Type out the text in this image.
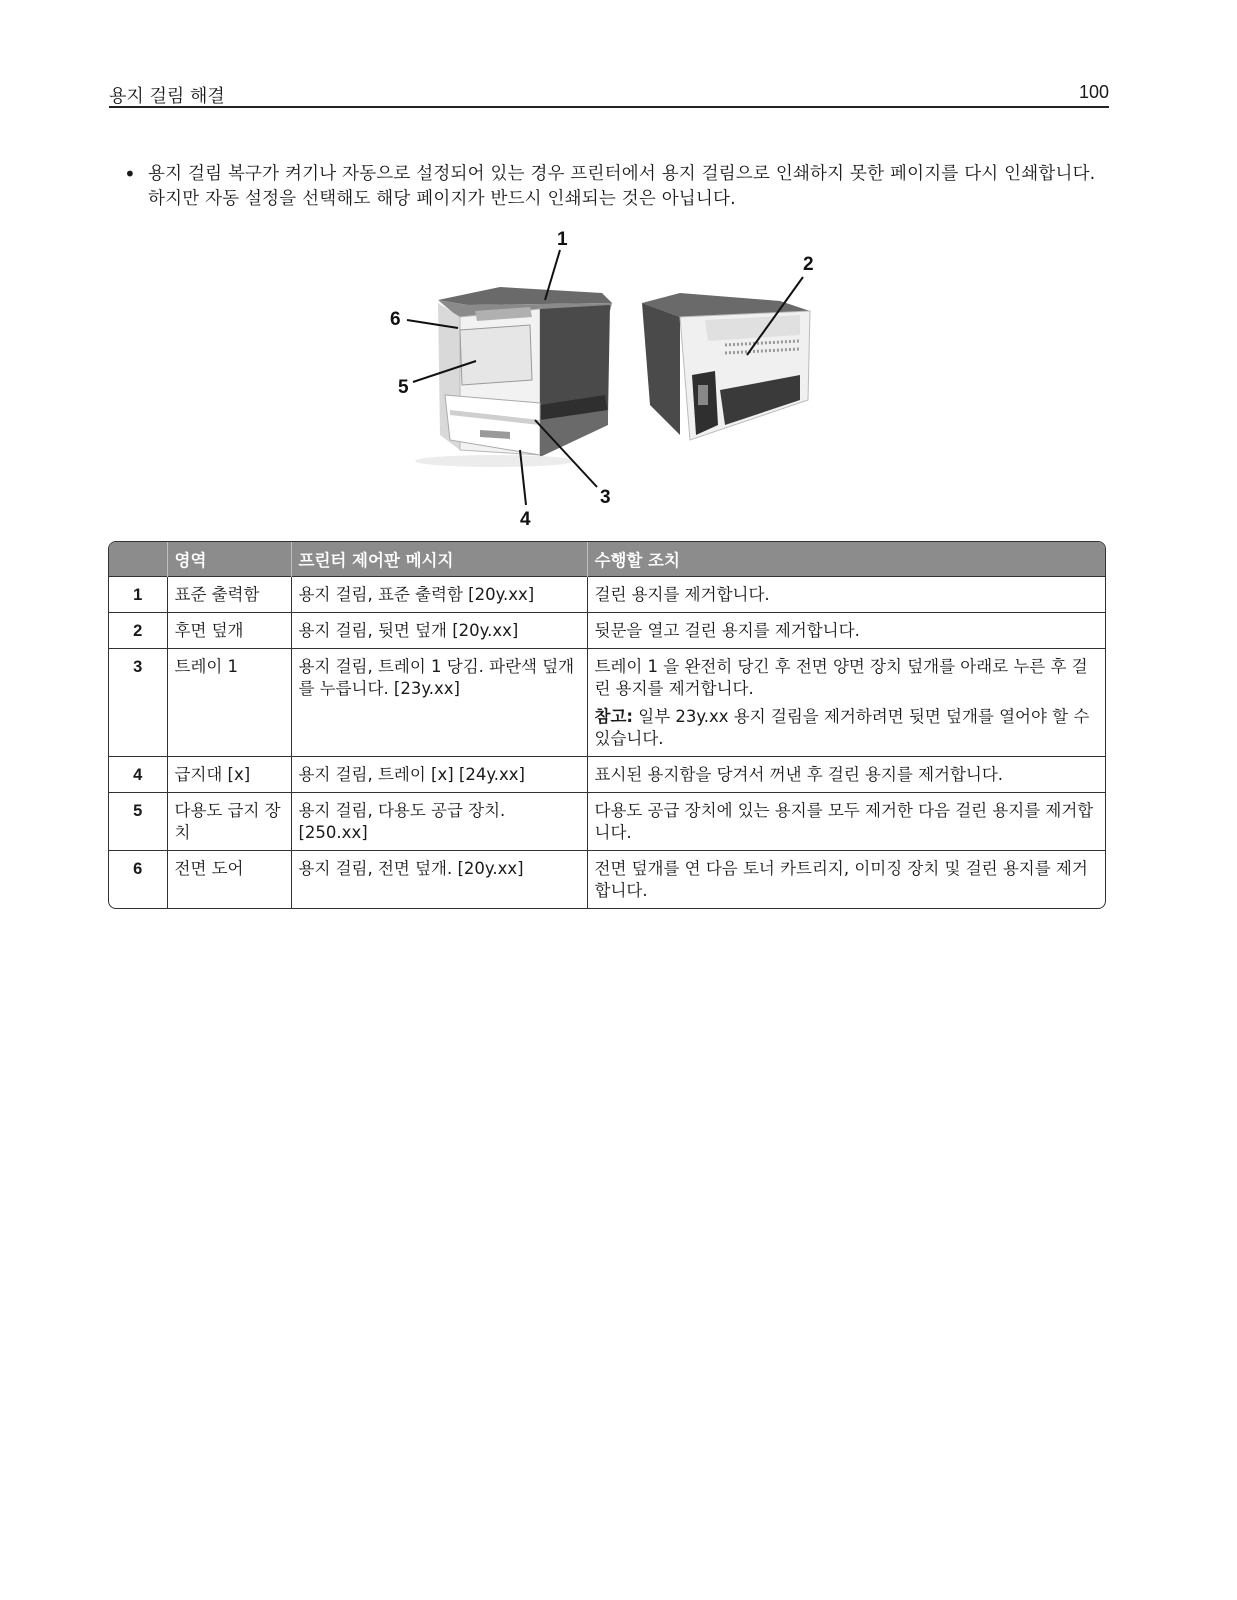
용지 걸림 해결	100
• 용지 걸림 복구가 켜기나 자동으로 설정되어 있는 경우 프린터에서 용지 걸림으로 인쇄하지 못한 페이지를 다시 인쇄합니다. 하지만 자동 설정을 선택해도 해당 페이지가 반드시 인쇄되는 것은 아닙니다.
1
2
3
4
5
6
	영역	프린터 제어판 메시지	수행할 조치
1	표준 출력함	용지 걸림, 표준 출력함 [20y.xx]	걸린 용지를 제거합니다.
2	후면 덮개	용지 걸림, 뒷면 덮개 [20y.xx]	뒷문을 열고 걸린 용지를 제거합니다.
3	트레이 1	용지 걸림, 트레이 1 당김. 파란색 덮개를 누릅니다. [23y.xx]	트레이 1 을 완전히 당긴 후 전면 양면 장치 덮개를 아래로 누른 후 걸린 용지를 제거합니다.
참고: 일부 23y.xx 용지 걸림을 제거하려면 뒷면 덮개를 열어야 할 수 있습니다.

4	급지대 [x]	용지 걸림, 트레이 [x] [24y.xx]	표시된 용지함을 당겨서 꺼낸 후 걸린 용지를 제거합니다.
5	다용도 급지 장치	용지 걸림, 다용도 공급 장치. [250.xx]	다용도 공급 장치에 있는 용지를 모두 제거한 다음 걸린 용지를 제거합니다.
6	전면 도어	용지 걸림, 전면 덮개. [20y.xx]	전면 덮개를 연 다음 토너 카트리지, 이미징 장치 및 걸린 용지를 제거합니다.
